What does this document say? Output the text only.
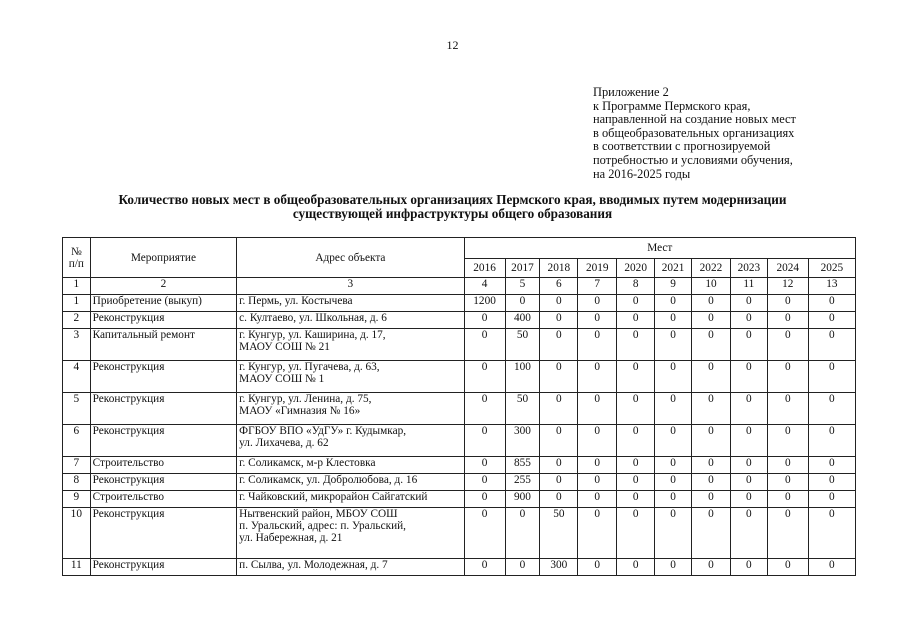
12
Приложение 2
к Программе Пермского края,
направленной на создание новых мест
в общеобразовательных организациях
в соответствии с прогнозируемой
потребностью и условиями обучения,
на 2016-2025 годы
Количество новых мест в общеобразовательных организациях Пермского края, вводимых путем модернизации
существующей инфраструктуры общего образования
№ п/п	Мероприятие	Адрес объекта	Мест									
			2016	2017	2018	2019	2020	2021	2022	2023	2024	2025
1	2	3	4	5	6	7	8	9	10	11	12	13
1	Приобретение (выкуп)	г. Пермь, ул. Костычева	1200	0	0	0	0	0	0	0	0	0
2	Реконструкция	с. Култаево, ул. Школьная, д. 6	0	400	0	0	0	0	0	0	0	0
3	Капитальный ремонт	г. Кунгур, ул. Каширина, д. 17,
МАОУ СОШ № 21	0	50	0	0	0	0	0	0	0	0
4	Реконструкция	г. Кунгур, ул. Пугачева, д. 63,
МАОУ СОШ № 1	0	100	0	0	0	0	0	0	0	0
5	Реконструкция	г. Кунгур, ул. Ленина, д. 75,
МАОУ «Гимназия № 16»	0	50	0	0	0	0	0	0	0	0
6	Реконструкция	ФГБОУ ВПО «УдГУ» г. Кудымкар,
ул. Лихачева, д. 62	0	300	0	0	0	0	0	0	0	0
7	Строительство	г. Соликамск, м-р Клестовка	0	855	0	0	0	0	0	0	0	0
8	Реконструкция	г. Соликамск, ул. Добролюбова, д. 16	0	255	0	0	0	0	0	0	0	0
9	Строительство	г. Чайковский, микрорайон Сайгатский	0	900	0	0	0	0	0	0	0	0
10	Реконструкция	Нытвенский район, МБОУ СОШ
п. Уральский, адрес: п. Уральский,
ул. Набережная, д. 21	0	0	50	0	0	0	0	0	0	0
11	Реконструкция	п. Сылва, ул. Молодежная, д. 7	0	0	300	0	0	0	0	0	0	0
